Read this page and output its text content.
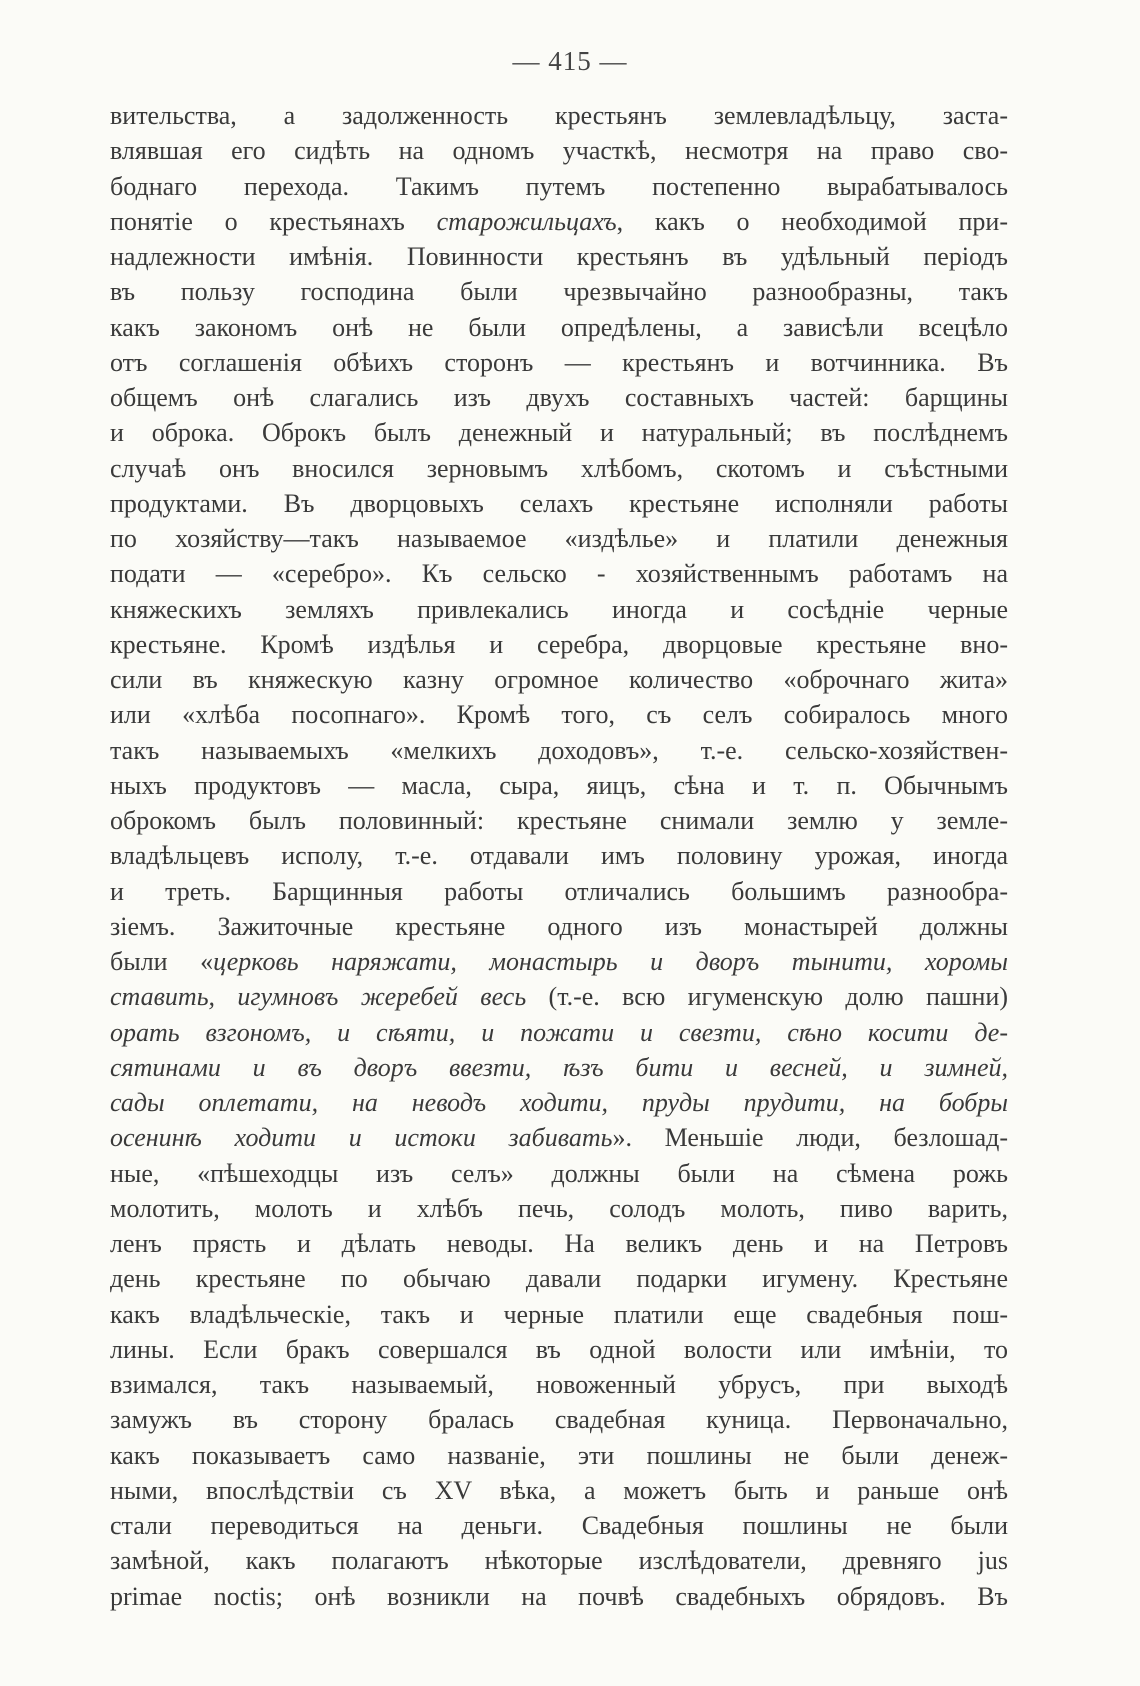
— 415 —
вительства, а задолженность крестьянъ землевладѣльцу, заста-
влявшая его сидѣть на одномъ участкѣ, несмотря на право сво-
боднаго перехода. Такимъ путемъ постепенно вырабатывалось
понятіе о крестьянахъ старожильцахъ, какъ о необходимой при-
надлежности имѣнія. Повинности крестьянъ въ удѣльный періодъ
въ пользу господина были чрезвычайно разнообразны, такъ
какъ закономъ онѣ не были опредѣлены, а зависѣли всецѣло
отъ соглашенія обѣихъ сторонъ — крестьянъ и вотчинника. Въ
общемъ онѣ слагались изъ двухъ составныхъ частей: барщины
и оброка. Оброкъ былъ денежный и натуральный; въ послѣднемъ
случаѣ онъ вносился зерновымъ хлѣбомъ, скотомъ и съѣстными
продуктами. Въ дворцовыхъ селахъ крестьяне исполняли работы
по хозяйству—такъ называемое «издѣлье» и платили денежныя
подати — «серебро». Къ сельско - хозяйственнымъ работамъ на
княжескихъ земляхъ привлекались иногда и сосѣдніе черные
крестьяне. Кромѣ издѣлья и серебра, дворцовые крестьяне вно-
сили въ княжескую казну огромное количество «оброчнаго жита»
или «хлѣба посопнаго». Кромѣ того, съ селъ собиралось много
такъ называемыхъ «мелкихъ доходовъ», т.-е. сельско-хозяйствен-
ныхъ продуктовъ — масла, сыра, яицъ, сѣна и т. п. Обычнымъ
оброкомъ былъ половинный: крестьяне снимали землю у земле-
владѣльцевъ исполу, т.-е. отдавали имъ половину урожая, иногда
и треть. Барщинныя работы отличались большимъ разнообра-
зіемъ. Зажиточные крестьяне одного изъ монастырей должны
были «церковь наряжати, монастырь и дворъ тынити, хоромы
ставить, игумновъ жеребей весь (т.-е. всю игуменскую долю пашни)
орать взгономъ, и сѣяти, и пожати и свезти, сѣно косити де-
сятинами и въ дворъ ввезти, ѣзъ бити и весней, и зимней,
сады оплетати, на неводъ ходити, пруды прудити, на бобры
осенинѣ ходити и истоки забивать». Меньшіе люди, безлошад-
ные, «пѣшеходцы изъ селъ» должны были на сѣмена рожь
молотить, молоть и хлѣбъ печь, солодъ молоть, пиво варить,
ленъ прясть и дѣлать неводы. На великъ день и на Петровъ
день крестьяне по обычаю давали подарки игумену. Крестьяне
какъ владѣльческіе, такъ и черные платили еще свадебныя пош-
лины. Если бракъ совершался въ одной волости или имѣніи, то
взимался, такъ называемый, новоженный убрусъ, при выходѣ
замужъ въ сторону бралась свадебная куница. Первоначально,
какъ показываетъ само названіе, эти пошлины не были денеж-
ными, впослѣдствіи съ XV вѣка, а можетъ быть и раньше онѣ
стали переводиться на деньги. Свадебныя пошлины не были
замѣной, какъ полагаютъ нѣкоторые изслѣдователи, древняго jus
primae noctis; онѣ возникли на почвѣ свадебныхъ обрядовъ. Въ
